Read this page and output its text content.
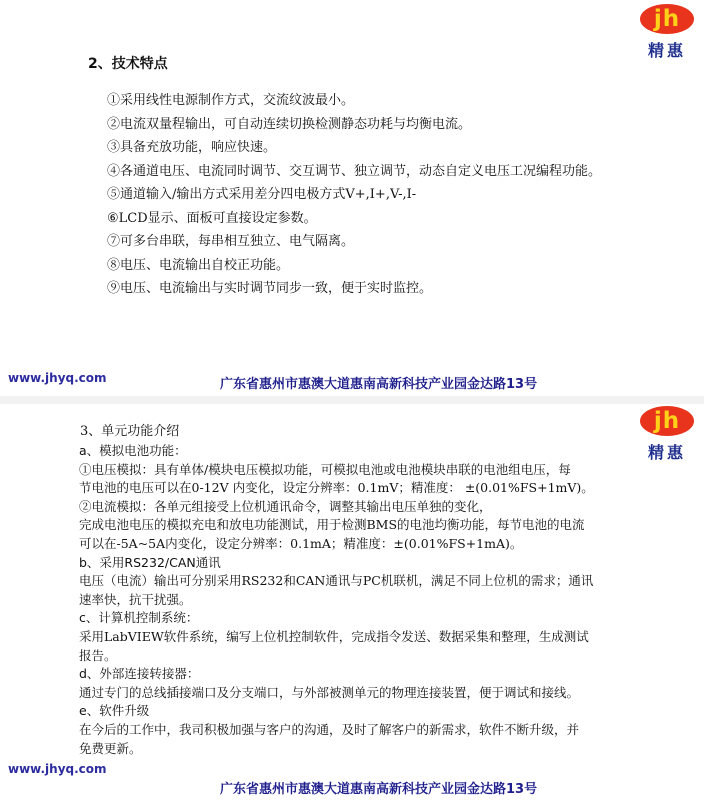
jh
精惠
2、技术特点
①采用线性电源制作方式，交流纹波最小。
②电流双量程输出，可自动连续切换检测静态功耗与均衡电流。
③具备充放功能，响应快速。
④各通道电压、电流同时调节、交互调节、独立调节，动态自定义电压工况编程功能。
⑤通道输入/输出方式采用差分四电极方式V+,I+,V-,I-
⑥LCD显示、面板可直接设定参数。
⑦可多台串联，每串相互独立、电气隔离。
⑧电压、电流输出自校正功能。
⑨电压、电流输出与实时调节同步一致，便于实时监控。
www.jhyq.com	广东省惠州市惠澳大道惠南高新科技产业园金达路13号
jh
精惠
3、单元功能介绍
a、模拟电池功能：
①电压模拟：具有单体/模块电压模拟功能，可模拟电池或电池模块串联的电池组电压，每
节电池的电压可以在0-12V 内变化，设定分辨率：0.1mV；精准度： ±(0.01%FS+1mV)。
②电流模拟：各单元组接受上位机通讯命令，调整其输出电压单独的变化，
完成电池电压的模拟充电和放电功能测试，用于检测BMS的电池均衡功能，每节电池的电流
可以在-5A~5A内变化，设定分辨率：0.1mA；精准度：±(0.01%FS+1mA)。
b、采用RS232/CAN通讯
电压（电流）输出可分别采用RS232和CAN通讯与PC机联机，满足不同上位机的需求；通讯
速率快，抗干扰强。
c、计算机控制系统：
采用LabVIEW软件系统，编写上位机控制软件，完成指令发送、数据采集和整理，生成测试
报告。
d、外部连接转接器：
通过专门的总线插接端口及分支端口，与外部被测单元的物理连接装置，便于调试和接线。
e、软件升级
在今后的工作中，我司积极加强与客户的沟通，及时了解客户的新需求，软件不断升级，并
免费更新。
www.jhyq.com
广东省惠州市惠澳大道惠南高新科技产业园金达路13号
